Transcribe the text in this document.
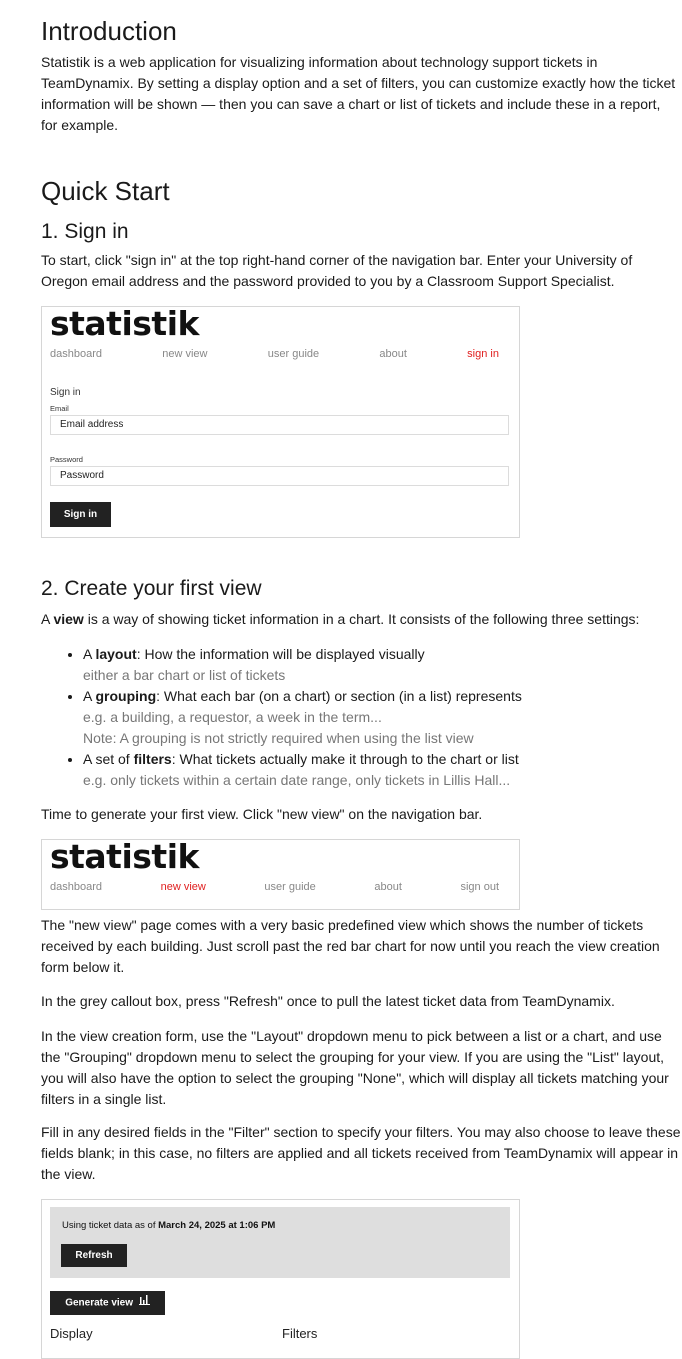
Introduction

Statistik is a web application for visualizing information about technology support tickets in TeamDynamix. By setting a display option and a set of filters, you can customize exactly how the ticket information will be shown — then you can save a chart or list of tickets and include these in a report, for example.

Quick Start
1. Sign in

To start, click "sign in" at the top right-hand corner of the navigation bar. Enter your University of Oregon email address and the password provided to you by a Classroom Support Specialist.

statistik
dashboard	new view	user guide	about	sign in
Sign in
Email
Email address
Password
Password
Sign in
2. Create your first view

A view is a way of showing ticket information in a chart. It consists of the following three settings:

• A layout: How the information will be displayed visually
either a bar chart or list of tickets
• A grouping: What each bar (on a chart) or section (in a list) represents
e.g. a building, a requestor, a week in the term...
Note: A grouping is not strictly required when using the list view
• A set of filters: What tickets actually make it through to the chart or list
e.g. only tickets within a certain date range, only tickets in Lillis Hall...

Time to generate your first view. Click "new view" on the navigation bar.

statistik
dashboard	new view	user guide	about	sign out

The "new view" page comes with a very basic predefined view which shows the number of tickets received by each building. Just scroll past the red bar chart for now until you reach the view creation form below it.

In the grey callout box, press "Refresh" once to pull the latest ticket data from TeamDynamix.

In the view creation form, use the "Layout" dropdown menu to pick between a list or a chart, and use the "Grouping" dropdown menu to select the grouping for your view. If you are using the "List" layout, you will also have the option to select the grouping "None", which will display all tickets matching your filters in a single list.

Fill in any desired fields in the "Filter" section to specify your filters. You may also choose to leave these fields blank; in this case, no filters are applied and all tickets received from TeamDynamix will appear in the view.

Using ticket data as of March 24, 2025 at 1:06 PM
Refresh
Generate view
Display	Filters
